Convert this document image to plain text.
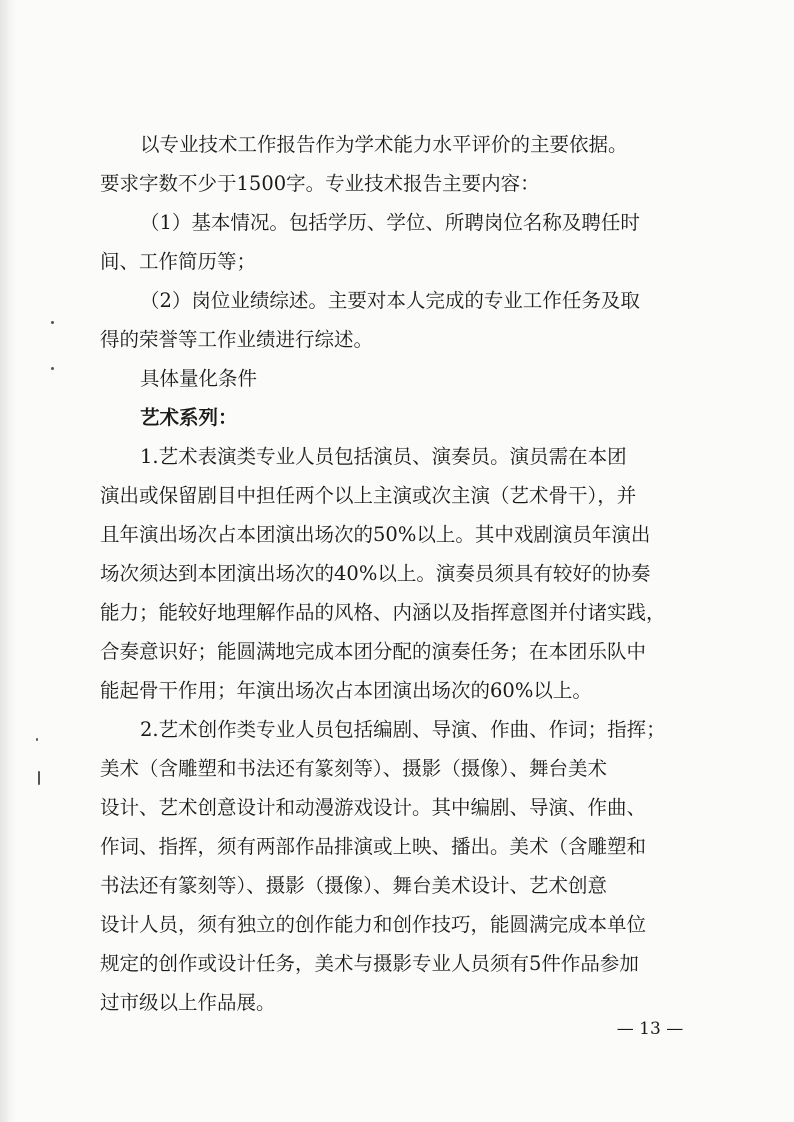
以专业技术工作报告作为学术能力水平评价的主要依据。
要求字数不少于1500字。专业技术报告主要内容：
（1）基本情况。包括学历、学位、所聘岗位名称及聘任时
间、工作简历等；
（2）岗位业绩综述。主要对本人完成的专业工作任务及取
得的荣誉等工作业绩进行综述。
具体量化条件
艺术系列：
1.艺术表演类专业人员包括演员、演奏员。演员需在本团
演出或保留剧目中担任两个以上主演或次主演（艺术骨干），并
且年演出场次占本团演出场次的50%以上。其中戏剧演员年演出
场次须达到本团演出场次的40%以上。演奏员须具有较好的协奏
能力；能较好地理解作品的风格、内涵以及指挥意图并付诸实践，
合奏意识好；能圆满地完成本团分配的演奏任务；在本团乐队中
能起骨干作用；年演出场次占本团演出场次的60%以上。
2.艺术创作类专业人员包括编剧、导演、作曲、作词；指挥；
美术（含雕塑和书法还有篆刻等）、摄影（摄像）、舞台美术
设计、艺术创意设计和动漫游戏设计。其中编剧、导演、作曲、
作词、指挥，须有两部作品排演或上映、播出。美术（含雕塑和
书法还有篆刻等）、摄影（摄像）、舞台美术设计、艺术创意
设计人员，须有独立的创作能力和创作技巧，能圆满完成本单位
规定的创作或设计任务，美术与摄影专业人员须有5件作品参加
过市级以上作品展。
— 13 —
